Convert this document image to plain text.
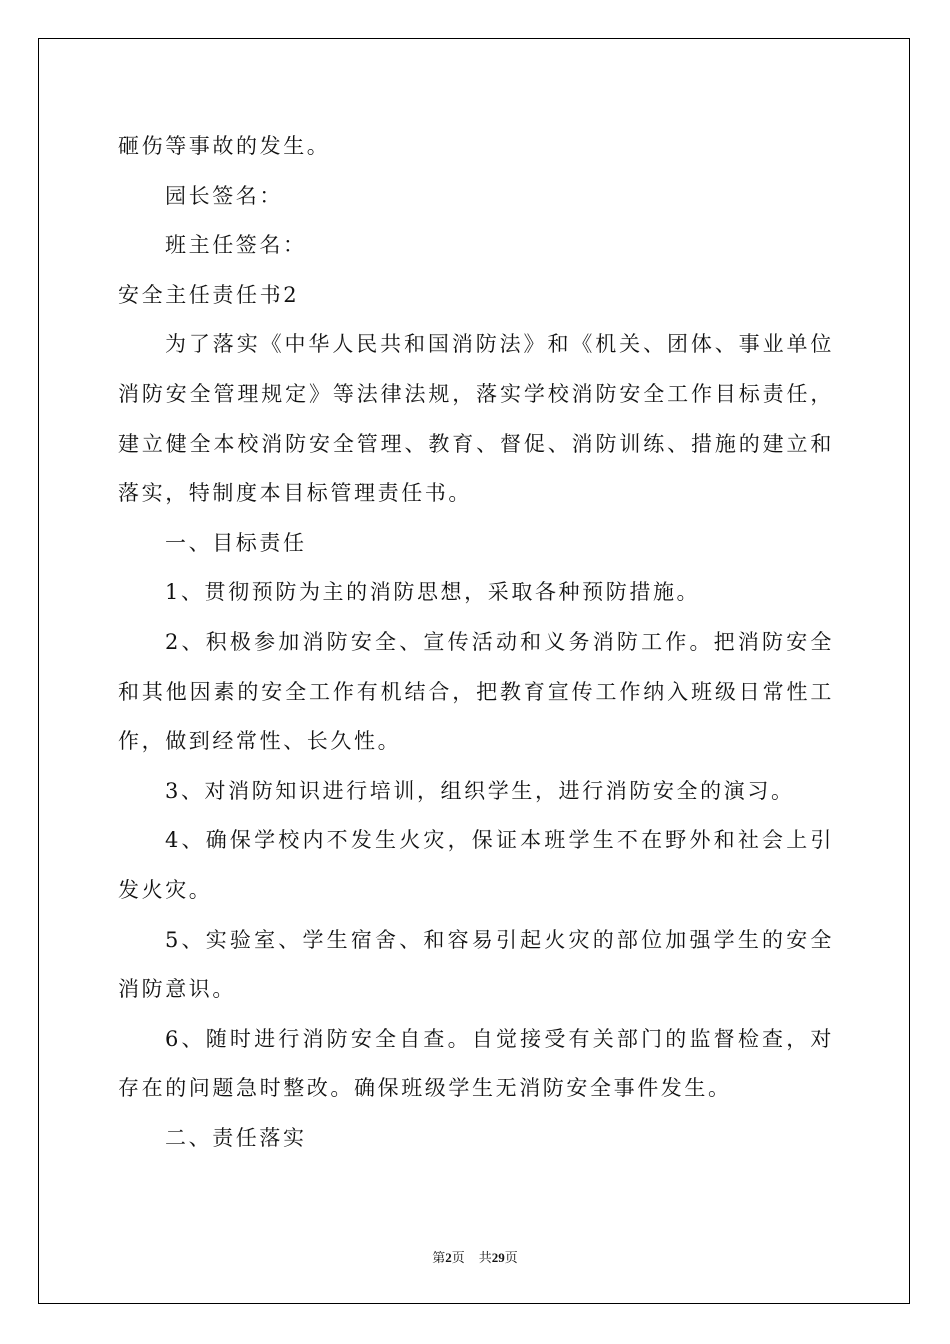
砸伤等事故的发生。
园长签名：
班主任签名：
安全主任责任书2
为了落实《中华人民共和国消防法》和《机关、团体、事业单位消防安全管理规定》等法律法规，落实学校消防安全工作目标责任，建立健全本校消防安全管理、教育、督促、消防训练、措施的建立和落实，特制度本目标管理责任书。
一、目标责任
1、贯彻预防为主的消防思想，采取各种预防措施。
2、积极参加消防安全、宣传活动和义务消防工作。把消防安全和其他因素的安全工作有机结合，把教育宣传工作纳入班级日常性工作，做到经常性、长久性。
3、对消防知识进行培训，组织学生，进行消防安全的演习。
4、确保学校内不发生火灾，保证本班学生不在野外和社会上引发火灾。
5、实验室、学生宿舍、和容易引起火灾的部位加强学生的安全消防意识。
6、随时进行消防安全自查。自觉接受有关部门的监督检查，对存在的问题急时整改。确保班级学生无消防安全事件发生。
二、责任落实
第2页 共29页
